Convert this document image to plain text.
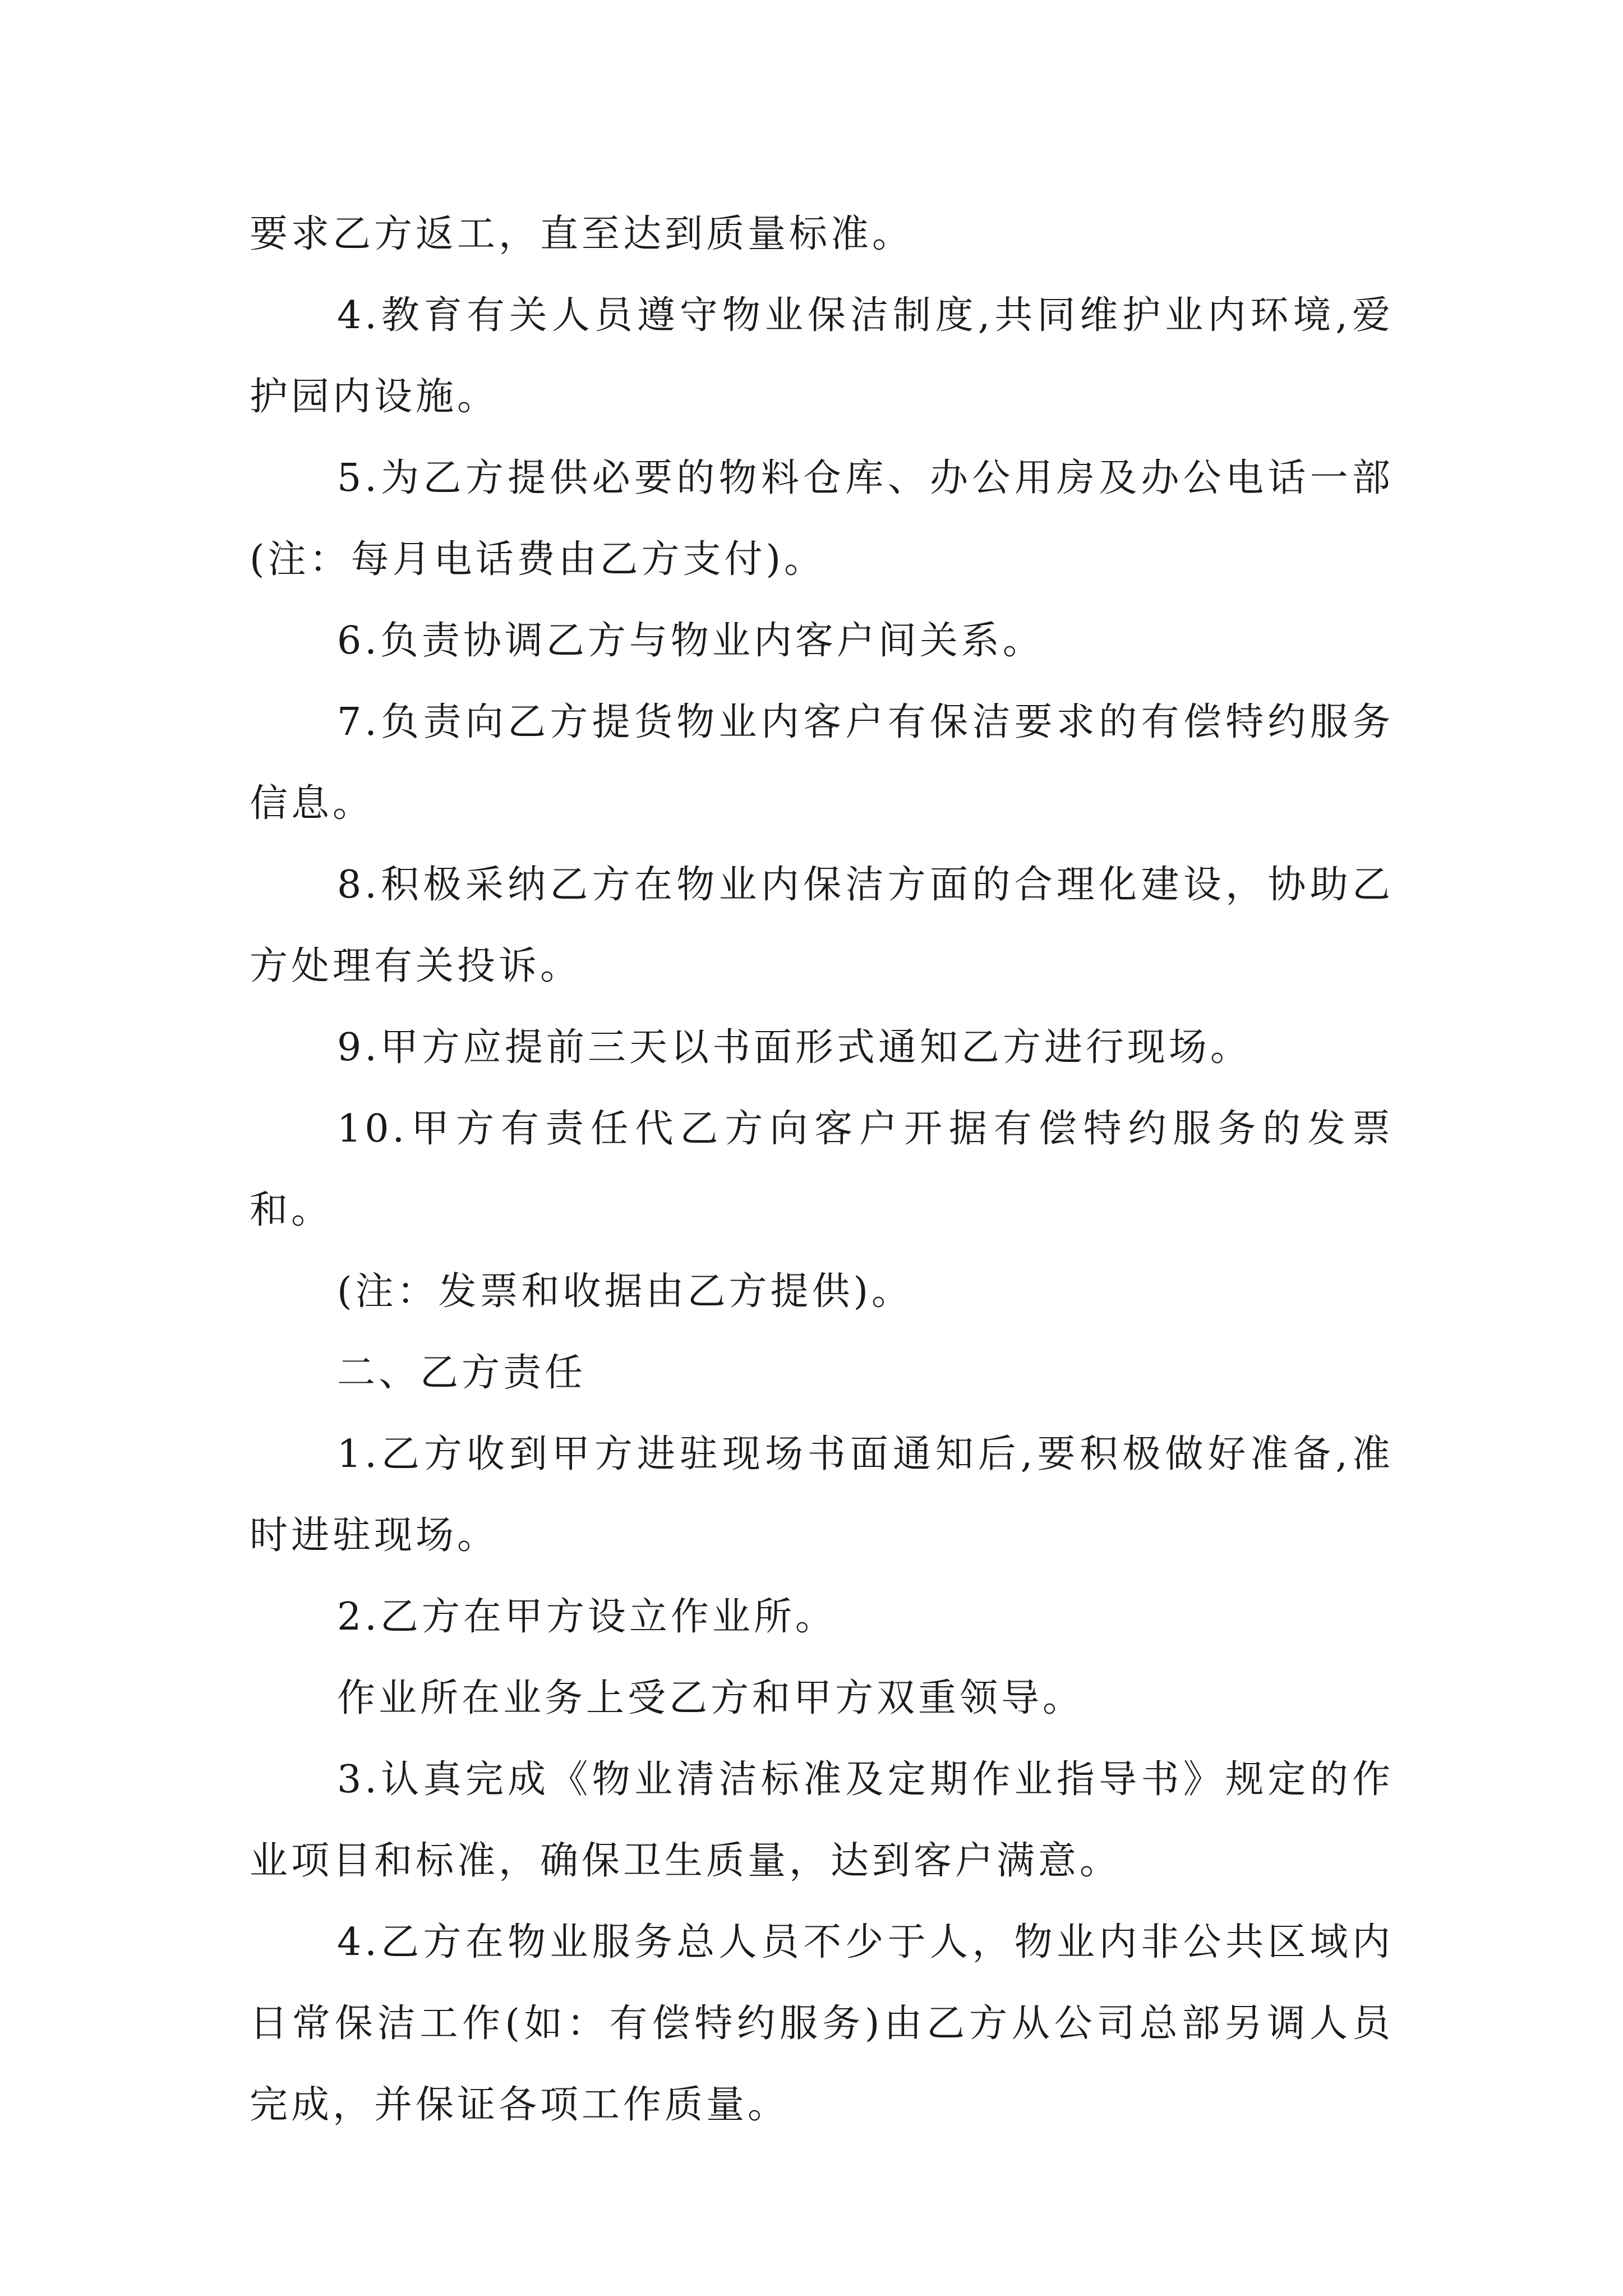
要求乙方返工，直至达到质量标准。

4.教育有关人员遵守物业保洁制度,共同维护业内环境,爱护园内设施。

5.为乙方提供必要的物料仓库、办公用房及办公电话一部(注：每月电话费由乙方支付)。

6.负责协调乙方与物业内客户间关系。

7.负责向乙方提货物业内客户有保洁要求的有偿特约服务信息。

8.积极采纳乙方在物业内保洁方面的合理化建设，协助乙方处理有关投诉。

9.甲方应提前三天以书面形式通知乙方进行现场。

10.甲方有责任代乙方向客户开据有偿特约服务的发票和。

(注：发票和收据由乙方提供)。

二、乙方责任

1.乙方收到甲方进驻现场书面通知后,要积极做好准备,准时进驻现场。

2.乙方在甲方设立作业所。

作业所在业务上受乙方和甲方双重领导。

3.认真完成《物业清洁标准及定期作业指导书》规定的作业项目和标准，确保卫生质量，达到客户满意。

4.乙方在物业服务总人员不少于人，物业内非公共区域内日常保洁工作(如：有偿特约服务)由乙方从公司总部另调人员完成，并保证各项工作质量。
